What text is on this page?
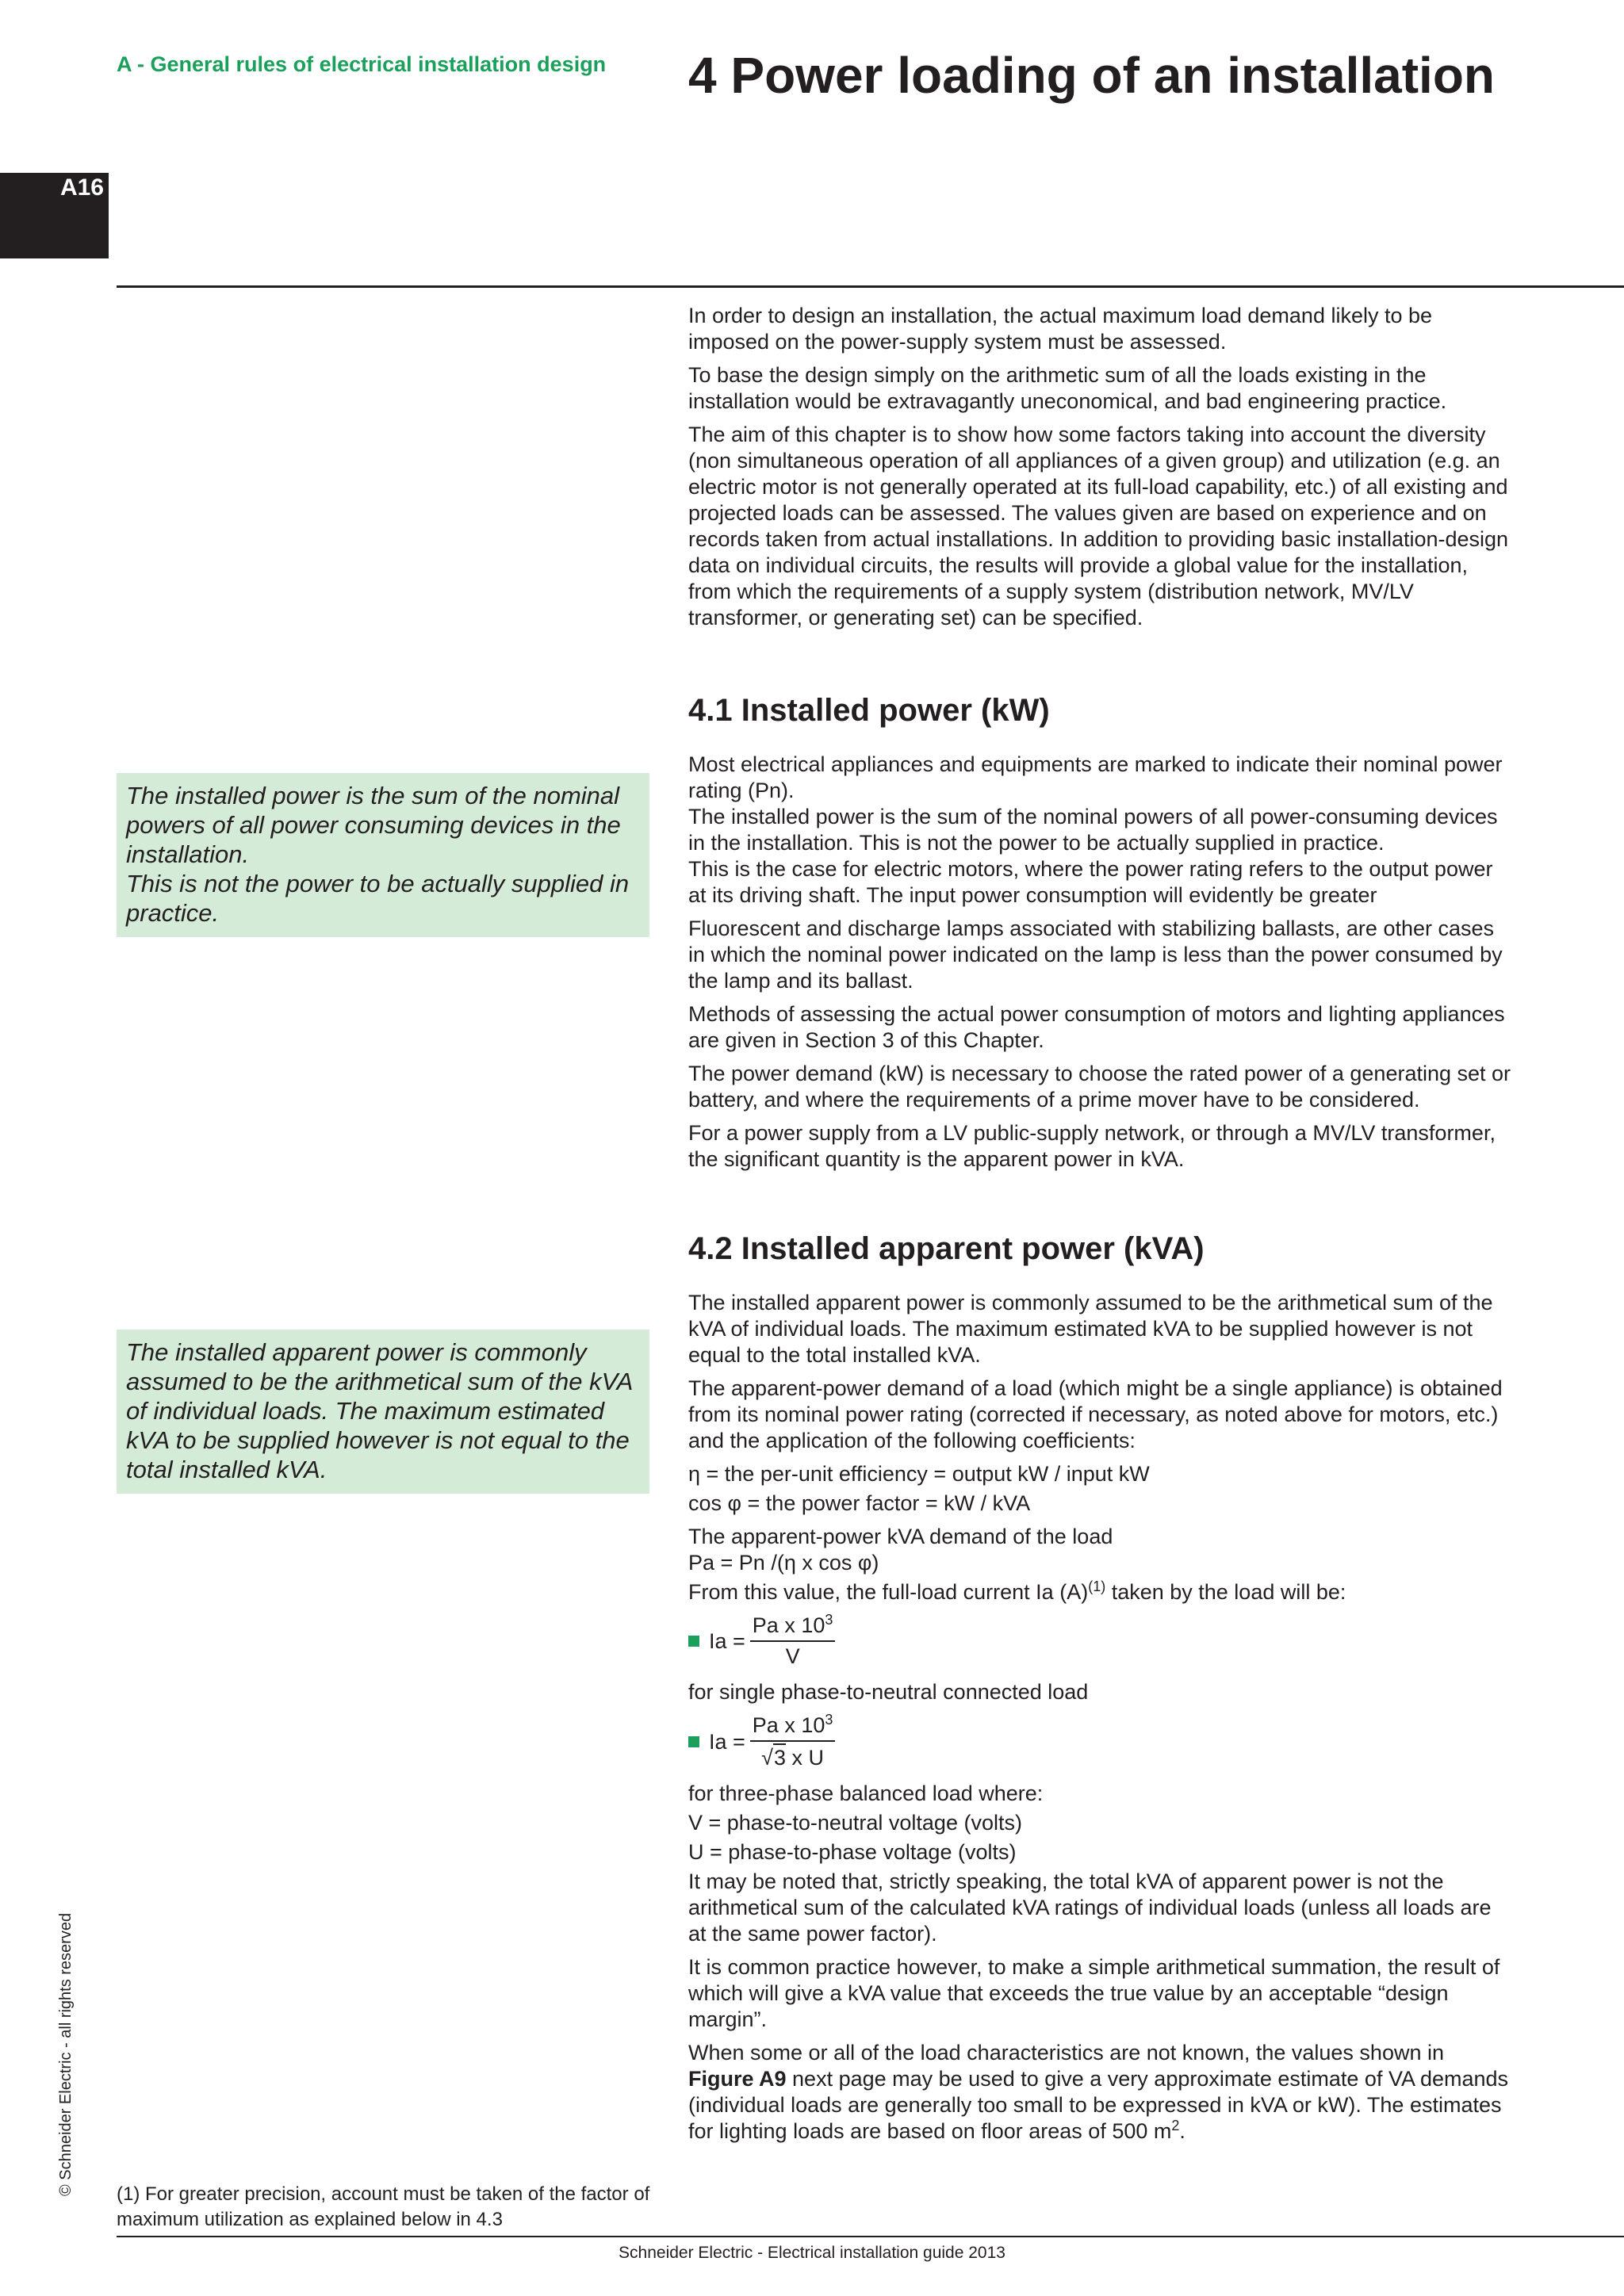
A - General rules of electrical installation design 4 Power loading of an installation
A16

The installed power is the sum of the nominal powers of all power consuming devices in the installation.

This is not the power to be actually supplied in practice.

The installed apparent power is commonly assumed to be the arithmetical sum of the kVA of individual loads. The maximum estimated kVA to be supplied however is not equal to the total installed kVA.

In order to design an installation, the actual maximum load demand likely to be imposed on the power-supply system must be assessed.

To base the design simply on the arithmetic sum of all the loads existing in the installation would be extravagantly uneconomical, and bad engineering practice.

The aim of this chapter is to show how some factors taking into account the diversity (non simultaneous operation of all appliances of a given group) and utilization (e.g. an electric motor is not generally operated at its full-load capability, etc.) of all existing and projected loads can be assessed. The values given are based on experience and on records taken from actual installations. In addition to providing basic installation-design data on individual circuits, the results will provide a global value for the installation, from which the requirements of a supply system (distribution network, MV/LV transformer, or generating set) can be specified.

4.1 Installed power (kW)

Most electrical appliances and equipments are marked to indicate their nominal power rating (Pn).

The installed power is the sum of the nominal powers of all power-consuming devices in the installation. This is not the power to be actually supplied in practice.

This is the case for electric motors, where the power rating refers to the output power at its driving shaft. The input power consumption will evidently be greater

Fluorescent and discharge lamps associated with stabilizing ballasts, are other cases in which the nominal power indicated on the lamp is less than the power consumed by the lamp and its ballast.

Methods of assessing the actual power consumption of motors and lighting appliances are given in Section 3 of this Chapter.

The power demand (kW) is necessary to choose the rated power of a generating set or battery, and where the requirements of a prime mover have to be considered.

For a power supply from a LV public-supply network, or through a MV/LV transformer, the significant quantity is the apparent power in kVA.

4.2 Installed apparent power (kVA)

The installed apparent power is commonly assumed to be the arithmetical sum of the kVA of individual loads. The maximum estimated kVA to be supplied however is not equal to the total installed kVA.

The apparent-power demand of a load (which might be a single appliance) is obtained from its nominal power rating (corrected if necessary, as noted above for motors, etc.) and the application of the following coefficients:

η = the per-unit efficiency = output kW / input kW

cos φ = the power factor = kW / kVA

The apparent-power kVA demand of the load

Pa = Pn /(η x cos φ)

From this value, the full-load current Ia $(A)^{(1)}$ taken by the load will be:

$Ia = \frac{Pa x 10^3}{V}$

for single phase-to-neutral connected load

$Ia = \frac{Pa x 10^3}{\text{√3 x U}}$

for three-phase balanced load where:

V = phase-to-neutral voltage (volts)

U = phase-to-phase voltage (volts)

It may be noted that, strictly speaking, the total kVA of apparent power is not the arithmetical sum of the calculated kVA ratings of individual loads (unless all loads are at the same power factor).

It is common practice however, to make a simple arithmetical summation, the result of which will give a kVA value that exceeds the true value by an acceptable “design margin”.

When some or all of the load characteristics are not known, the values shown in Figure A9 next page may be used to give a very approximate estimate of VA demands (individual loads are generally too small to be expressed in kVA or kW). The estimates for lighting loads are based on floor areas of 500 $m^2$.

(1) For greater precision, account must be taken of the factor of maximum utilization as explained below in 4.3
© Schneider Electric - all rights reserved
Schneider Electric - Electrical installation guide 2013
